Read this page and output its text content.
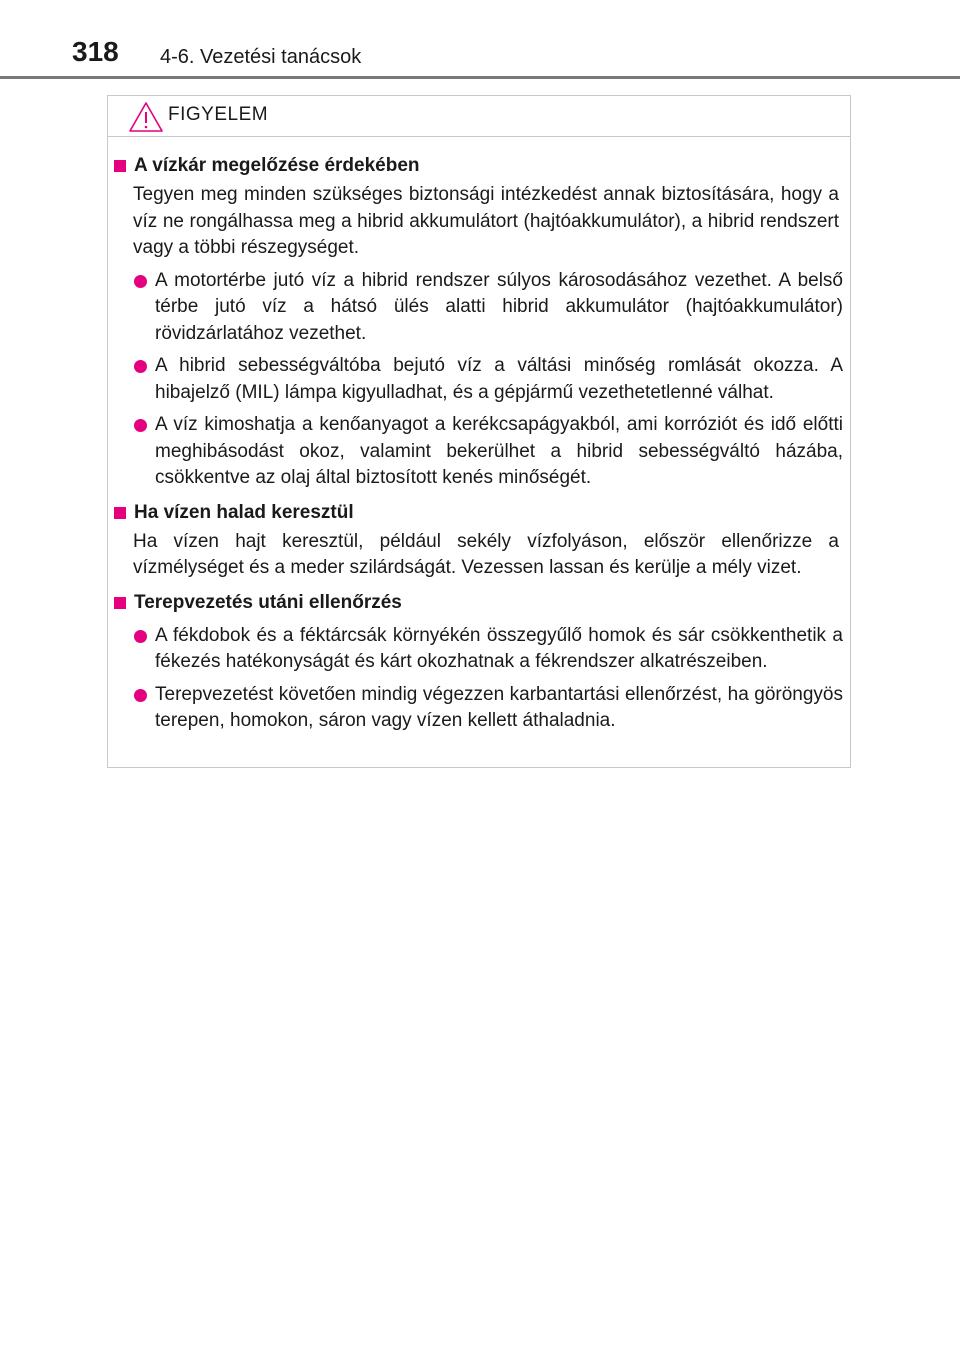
318 4-6. Vezetési tanácsok
FIGYELEM
A vízkár megelőzése érdekében
Tegyen meg minden szükséges biztonsági intézkedést annak biztosítására, hogy a víz ne rongálhassa meg a hibrid akkumulátort (hajtóakkumulátor), a hibrid rendszert vagy a többi részegységet.
A motortérbe jutó víz a hibrid rendszer súlyos károsodásához vezethet. A belső térbe jutó víz a hátsó ülés alatti hibrid akkumulátor (hajtóakkumulátor) rövidzárlatához vezethet.
A hibrid sebességváltóba bejutó víz a váltási minőség romlását okozza. A hibajelző (MIL) lámpa kigyulladhat, és a gépjármű vezethetetlenné válhat.
A víz kimoshatja a kenőanyagot a kerékcsapágyakból, ami korróziót és idő előtti meghibásodást okoz, valamint bekerülhet a hibrid sebességváltó házába, csökkentve az olaj által biztosított kenés minőségét.
Ha vízen halad keresztül
Ha vízen hajt keresztül, például sekély vízfolyáson, először ellenőrizze a vízmélységet és a meder szilárdságát. Vezessen lassan és kerülje a mély vizet.
Terepvezetés utáni ellenőrzés
A fékdobok és a féktárcsák környékén összegyűlő homok és sár csökkenthetik a fékezés hatékonyságát és kárt okozhatnak a fékrendszer alkatrészeiben.
Terepvezetést követően mindig végezzen karbantartási ellenőrzést, ha göröngyös terepen, homokon, sáron vagy vízen kellett áthaladnia.
